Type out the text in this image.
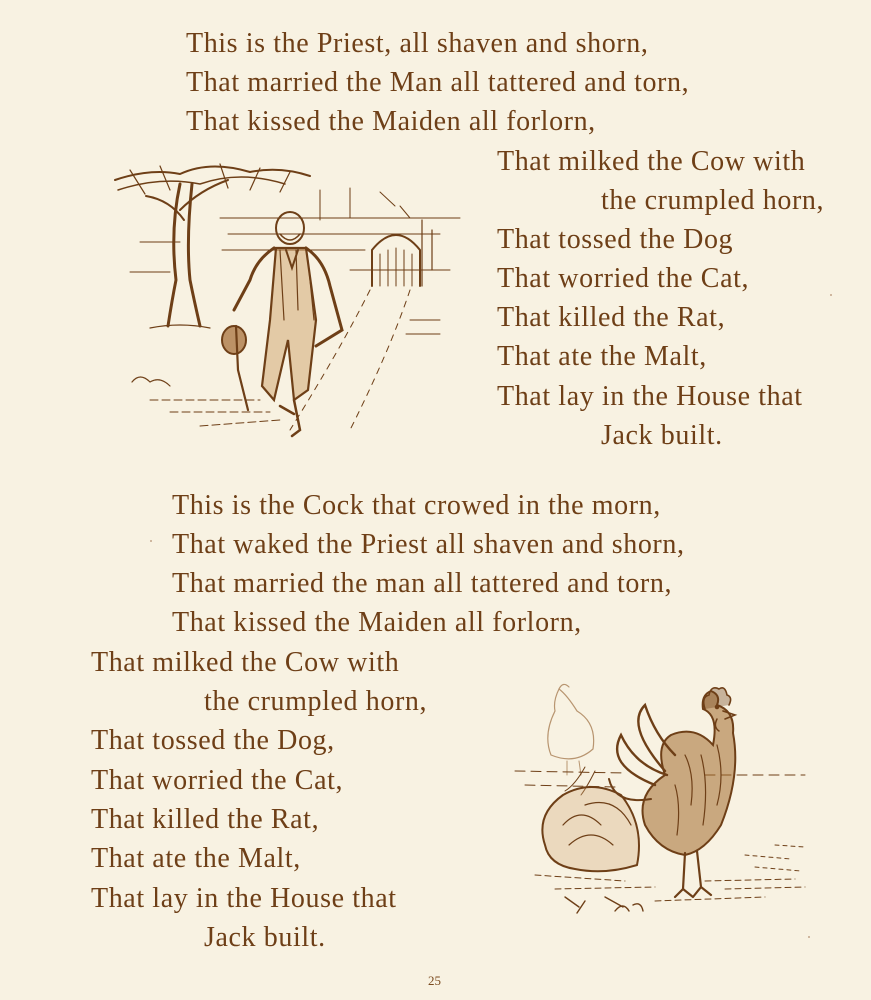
This is the Priest, all shaven and shorn,
That married the Man all tattered and torn,
That kissed the Maiden all forlorn,
That milked the Cow with
the crumpled horn,
That tossed the Dog
That worried the Cat,
That killed the Rat,
That ate the Malt,
That lay in the House that
Jack built.
This is the Cock that crowed in the morn,
That waked the Priest all shaven and shorn,
That married the man all tattered and torn,
That kissed the Maiden all forlorn,
That milked the Cow with
the crumpled horn,
That tossed the Dog,
That worried the Cat,
That killed the Rat,
That ate the Malt,
That lay in the House that
Jack built.
25
